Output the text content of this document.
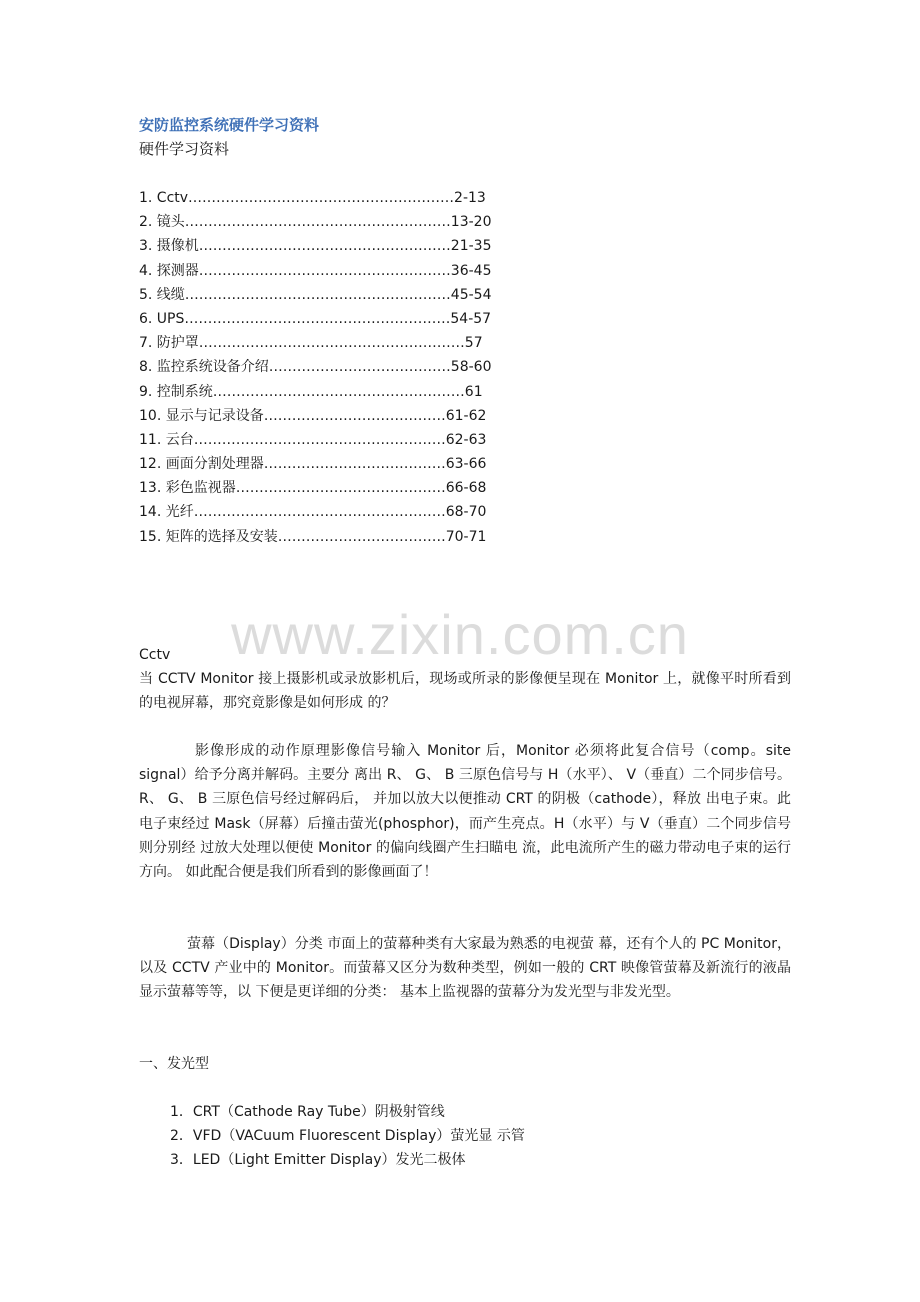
安防监控系统硬件学习资料
硬件学习资料
1. Cctv…………………………………………………2-13
2. 镜头…………………………………………………13-20
3. 摄像机………………………………………………21-35
4. 探测器………………………………………………36-45
5. 线缆…………………………………………………45-54
6. UPS…………………………………………………54-57
7. 防护罩…………………………………………………57
8. 监控系统设备介绍…………………………………58-60
9. 控制系统………………………………………………61
10. 显示与记录设备…………………………………61-62
11. 云台………………………………………………62-63
12. 画面分割处理器…………………………………63-66
13. 彩色监视器………………………………………66-68
14. 光纤………………………………………………68-70
15. 矩阵的选择及安装………………………………70-71
www.zixin.com.cn
Cctv
当 CCTV Monitor 接上摄影机或录放影机后，现场或所录的影像便呈现在 Monitor 上，就像平时所看到的电视屏幕，那究竟影像是如何形成 的？
影像形成的动作原理影像信号输入 Monitor 后，Monitor 必须将此复合信号（comp。site signal）给予分离并解码。主要分 离出 R、 G、 B 三原色信号与 H（水平）、 V（垂直）二个同步信号。 R、 G、 B 三原色信号经过解码后， 并加以放大以便推动 CRT 的阴极（cathode），释放 出电子束。此电子束经过 Mask（屏幕）后撞击萤光(phosphor)，而产生亮点。H（水平）与 V（垂直）二个同步信号则分别经 过放大处理以便使 Monitor 的偏向线圈产生扫瞄电 流，此电流所产生的磁力带动电子束的运行方向。 如此配合便是我们所看到的影像画面了！
萤幕（Display）分类 市面上的萤幕种类有大家最为熟悉的电视萤 幕，还有个人的 PC Monitor，以及 CCTV 产业中的 Monitor。而萤幕又区分为数种类型，例如一般的 CRT 映像管萤幕及新流行的液晶显示萤幕等等，以 下便是更详细的分类： 基本上监视器的萤幕分为发光型与非发光型。
一、发光型
1．CRT（Cathode Ray Tube）阴极射管线
2．VFD（VACuum Fluorescent Display）萤光显 示管
3．LED（Light Emitter Display）发光二极体
